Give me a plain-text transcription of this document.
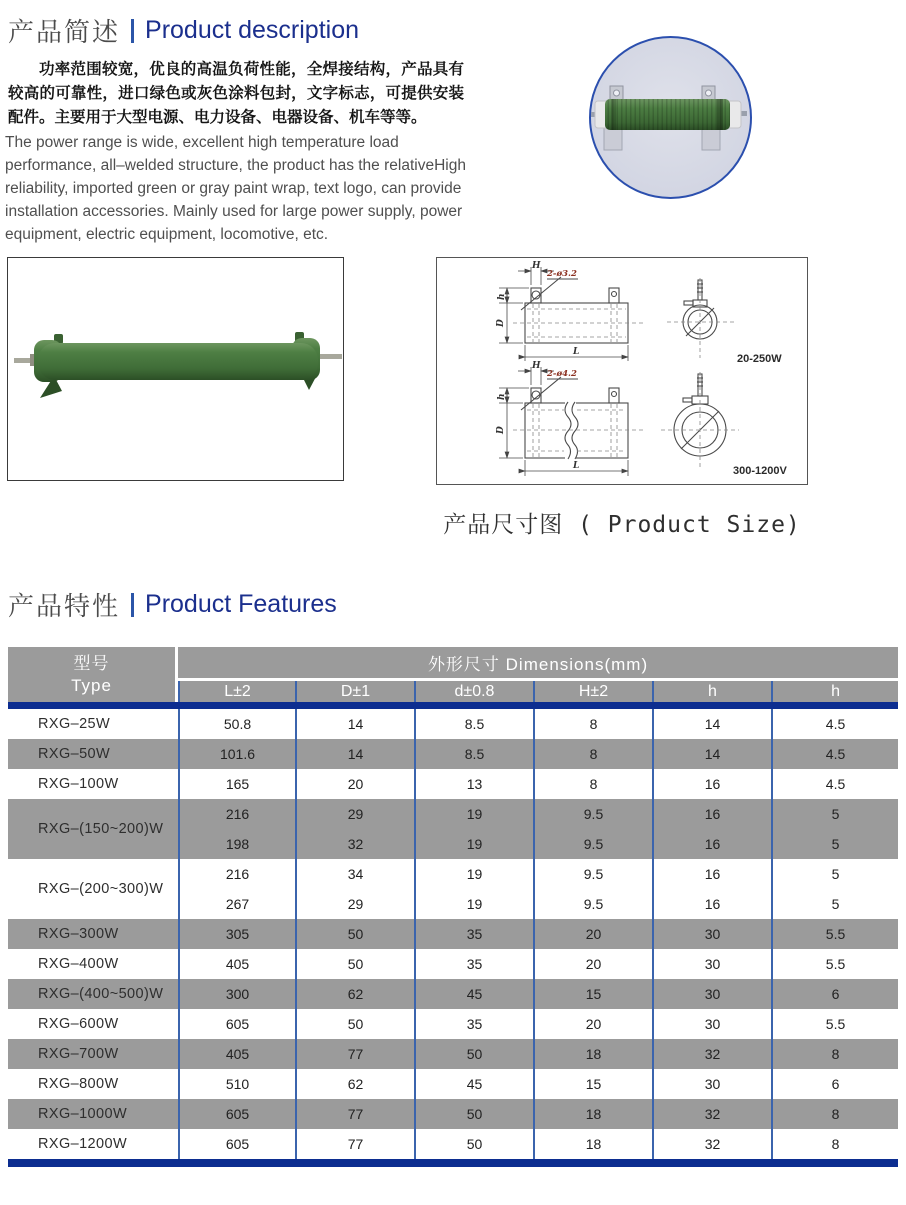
产品简述 Product description

功率范围较宽，优良的高温负荷性能，全焊接结构，产品具有较高的可靠性，进口绿色或灰色涂料包封，文字标志，可提供安装配件。主要用于大型电源、电力设备、电器设备、机车等等。

The power range is wide, excellent high temperature load performance, all–welded structure, the product has the relativeHigh reliability, imported green or gray paint wrap, text logo, can provide installation accessories. Mainly used for large power supply, power equipment, electric equipment, locomotive, etc.

H
2-ø3.2
h
D
L
20-250W
H
2-ø4.2
h
D
L	300-1200V
产品尺寸图 ( Product Size)
产品特性 Product Features
型号
Type	外形尺寸 Dimensions(mm)					
	L±2	D±1	d±0.8	H±2	h	h

RXG–25W	50.8	14	8.5	8	14	4.5
RXG–50W	101.6	14	8.5	8	14	4.5
RXG–100W	165	20	13	8	16	4.5
RXG–(150~200)W	216	29	19	9.5	16	5
	198	32	19	9.5	16	5
RXG–(200~300)W	216	34	19	9.5	16	5
	267	29	19	9.5	16	5
RXG–300W	305	50	35	20	30	5.5
RXG–400W	405	50	35	20	30	5.5
RXG–(400~500)W	300	62	45	15	30	6
RXG–600W	605	50	35	20	30	5.5
RXG–700W	405	77	50	18	32	8
RXG–800W	510	62	45	15	30	6
RXG–1000W	605	77	50	18	32	8
RXG–1200W	605	77	50	18	32	8
